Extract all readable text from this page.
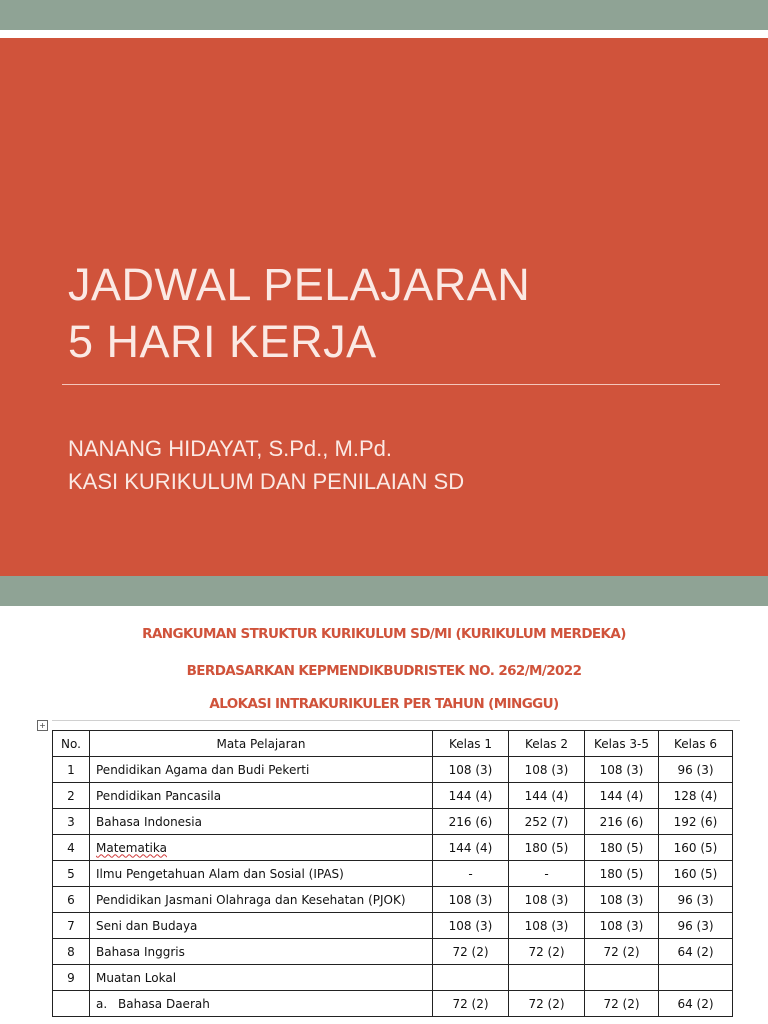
JADWAL PELAJARAN
5 HARI KERJA
NANANG HIDAYAT, S.Pd., M.Pd.
KASI KURIKULUM DAN PENILAIAN SD
RANGKUMAN STRUKTUR KURIKULUM SD/MI (KURIKULUM MERDEKA)
BERDASARKAN KEPMENDIKBUDRISTEK NO. 262/M/2022
ALOKASI INTRAKURIKULER PER TAHUN (MINGGU)
+
No.	Mata Pelajaran	Kelas 1	Kelas 2	Kelas 3-5	Kelas 6
1	Pendidikan Agama dan Budi Pekerti	108 (3)	108 (3)	108 (3)	96 (3)
2	Pendidikan Pancasila	144 (4)	144 (4)	144 (4)	128 (4)
3	Bahasa Indonesia	216 (6)	252 (7)	216 (6)	192 (6)
4	Matematika	144 (4)	180 (5)	180 (5)	160 (5)
5	Ilmu Pengetahuan Alam dan Sosial (IPAS)	-	-	180 (5)	160 (5)
6	Pendidikan Jasmani Olahraga dan Kesehatan (PJOK)	108 (3)	108 (3)	108 (3)	96 (3)
7	Seni dan Budaya	108 (3)	108 (3)	108 (3)	96 (3)
8	Bahasa Inggris	72 (2)	72 (2)	72 (2)	64 (2)
9	Muatan Lokal				
	a. Bahasa Daerah	72 (2)	72 (2)	72 (2)	64 (2)
